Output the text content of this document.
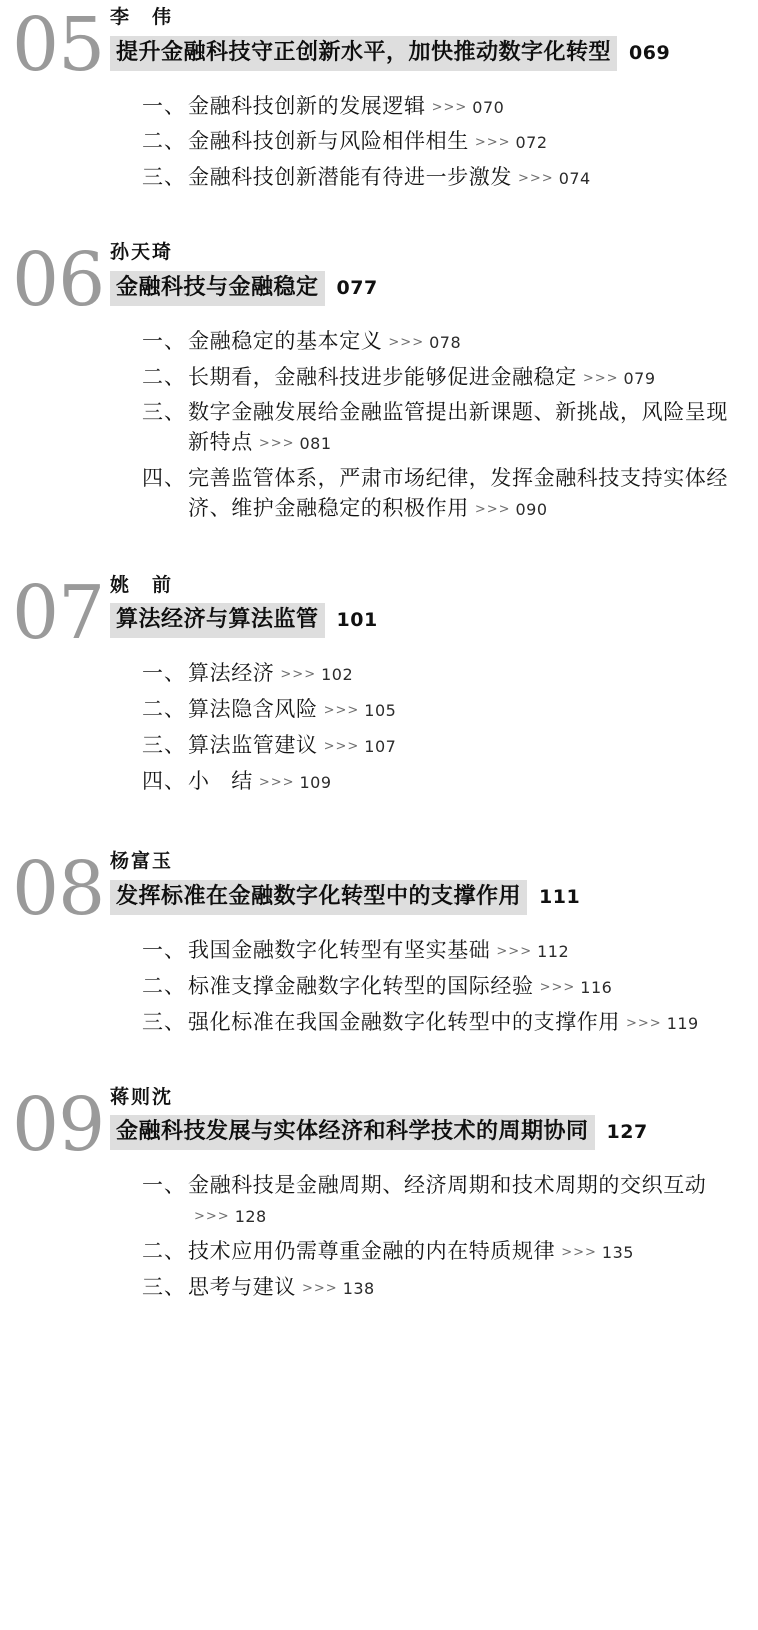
05 李　伟
提升金融科技守正创新水平，加快推动数字化转型 069
一、 金融科技创新的发展逻辑 >>> 070
二、 金融科技创新与风险相伴相生 >>> 072
三、 金融科技创新潜能有待进一步激发 >>> 074
06 孙天琦
金融科技与金融稳定 077
一、 金融稳定的基本定义 >>> 078
二、 长期看，金融科技进步能够促进金融稳定 >>> 079
三、 数字金融发展给金融监管提出新课题、新挑战，风险呈现新特点 >>> 081
四、 完善监管体系，严肃市场纪律，发挥金融科技支持实体经济、维护金融稳定的积极作用 >>> 090
07 姚　前
算法经济与算法监管 101
一、 算法经济 >>> 102
二、 算法隐含风险 >>> 105
三、 算法监管建议 >>> 107
四、 小　结 >>> 109
08 杨富玉
发挥标准在金融数字化转型中的支撑作用 111
一、 我国金融数字化转型有坚实基础 >>> 112
二、 标准支撑金融数字化转型的国际经验 >>> 116
三、 强化标准在我国金融数字化转型中的支撑作用 >>> 119
09 蒋则沈
金融科技发展与实体经济和科学技术的周期协同 127
一、 金融科技是金融周期、经济周期和技术周期的交织互动>>> 128
二、 技术应用仍需尊重金融的内在特质规律 >>> 135
三、 思考与建议 >>> 138
